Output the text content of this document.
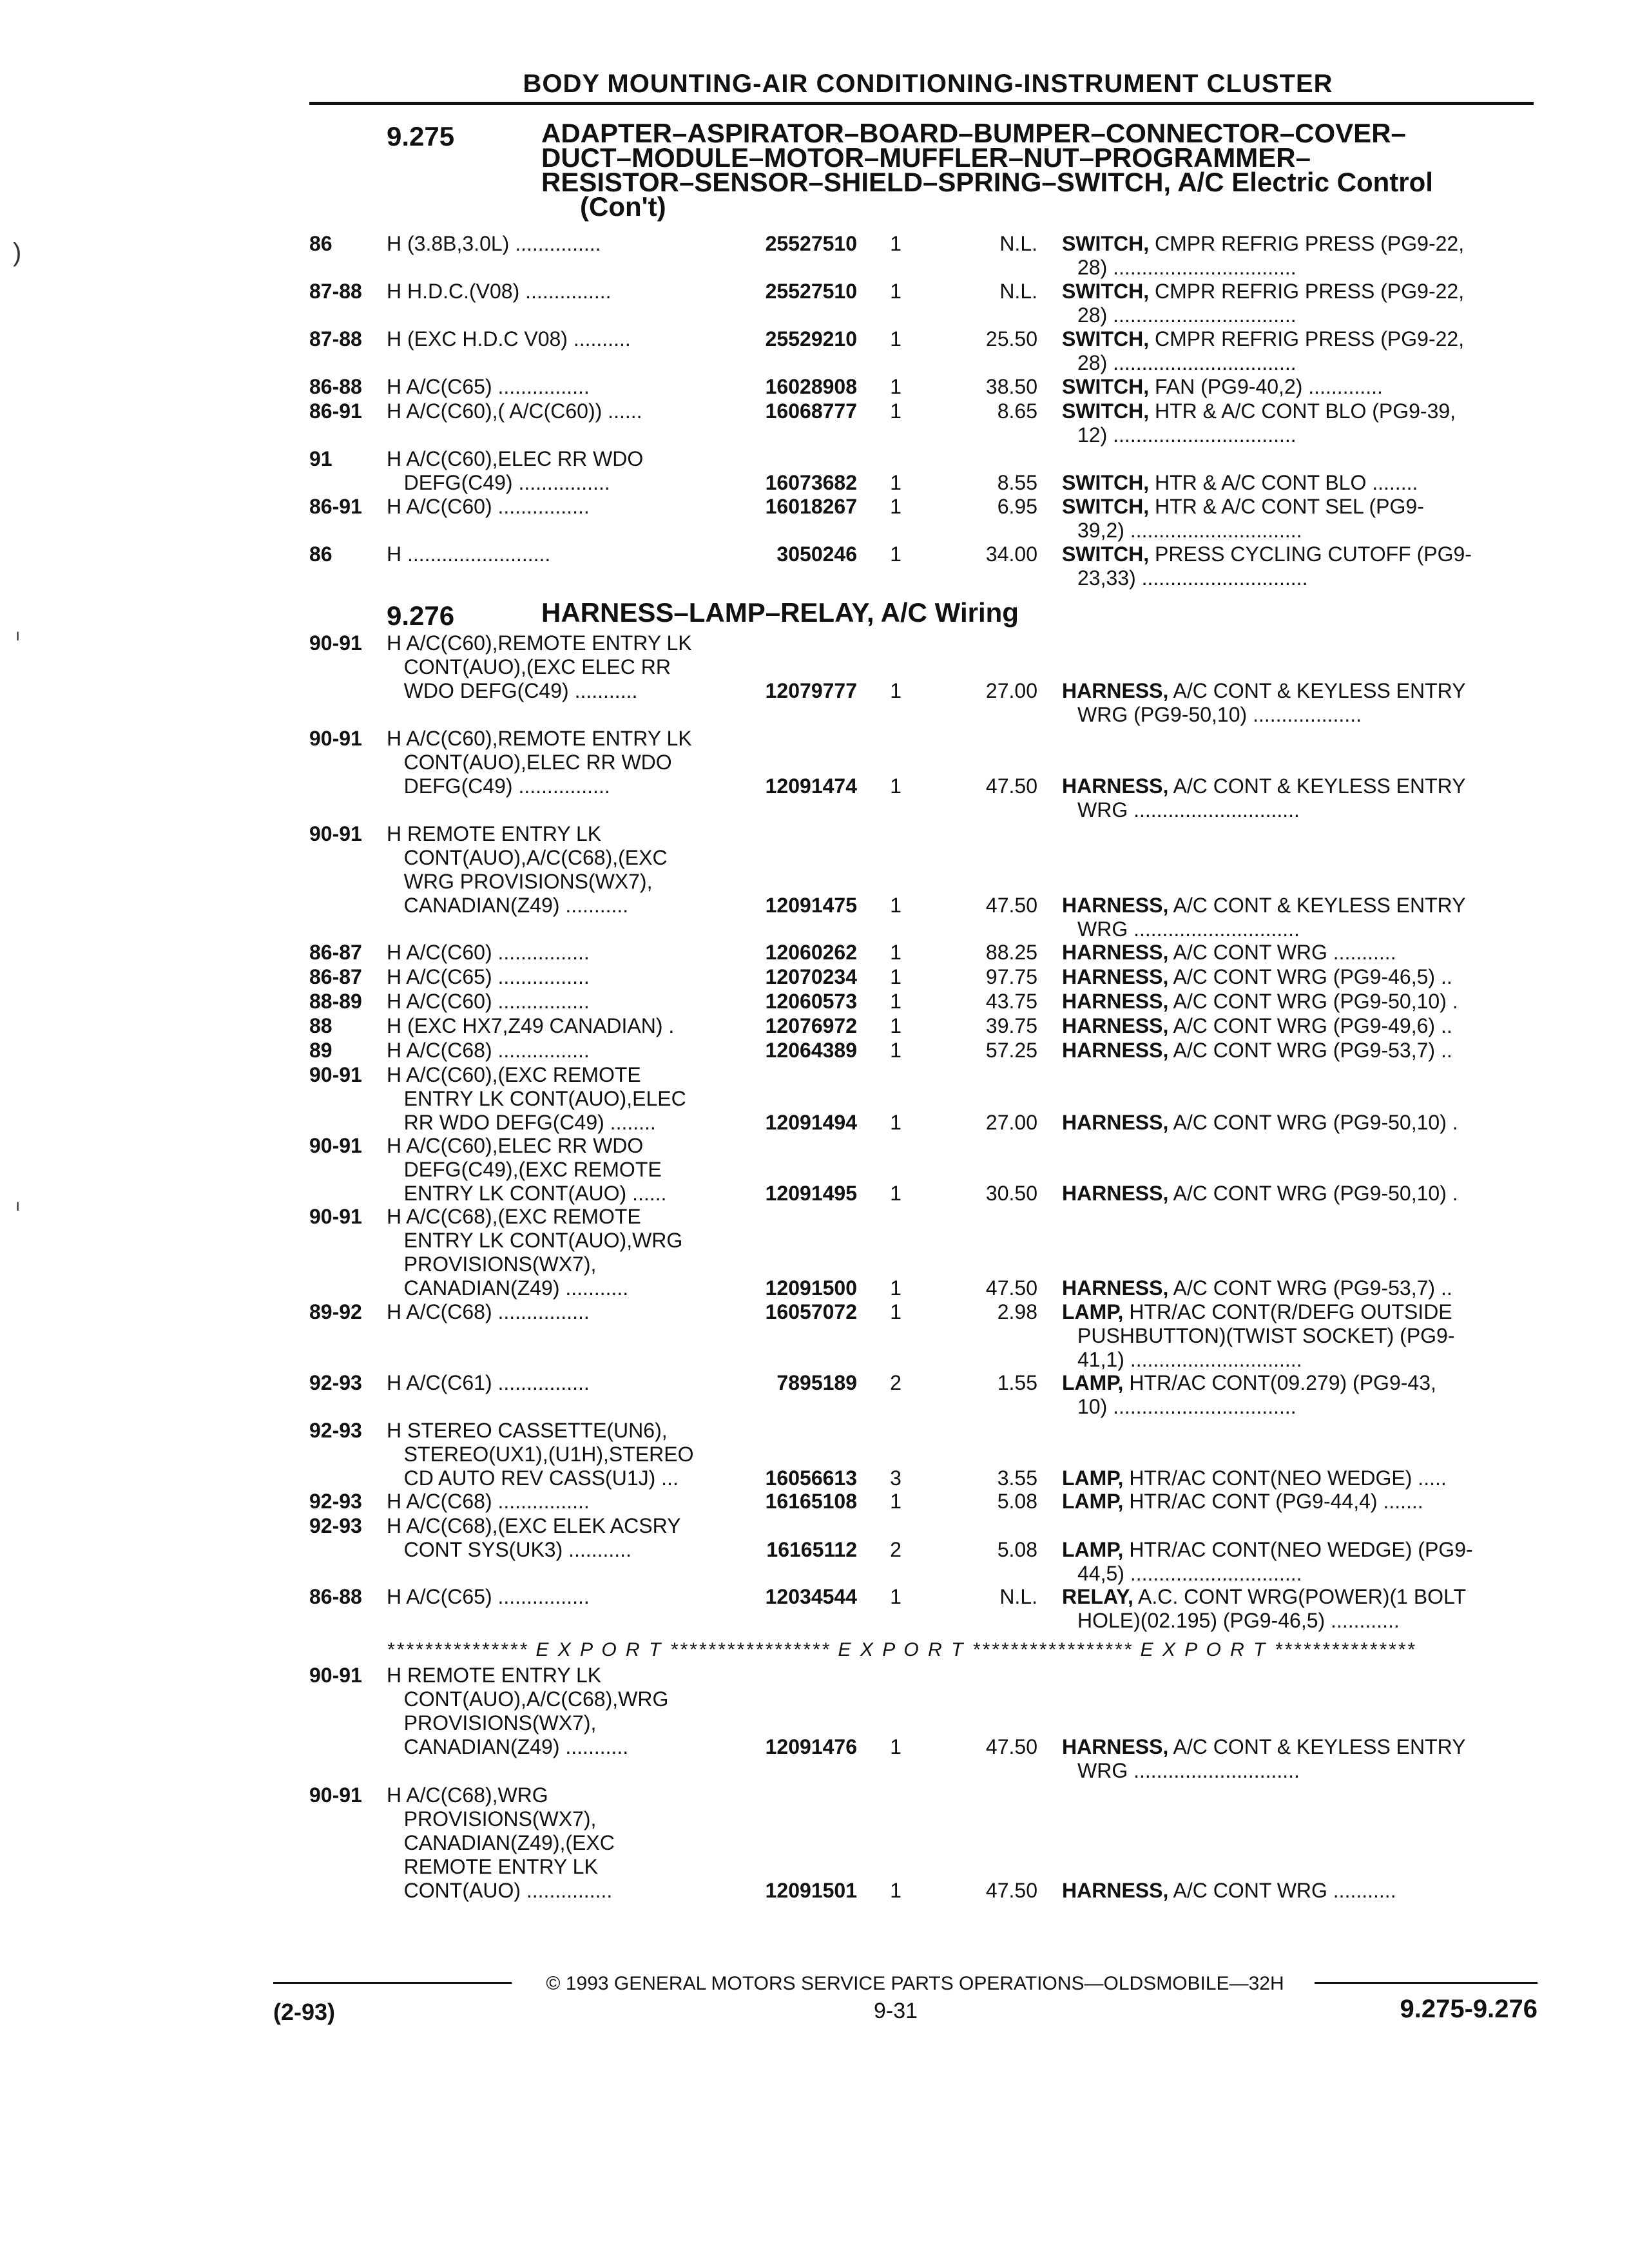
BODY MOUNTING-AIR CONDITIONING-INSTRUMENT CLUSTER
)
ı
ı
9.275	ADAPTER–ASPIRATOR–BOARD–BUMPER–CONNECTOR–COVER–
DUCT–MODULE–MOTOR–MUFFLER–NUT–PROGRAMMER–
RESISTOR–SENSOR–SHIELD–SPRING–SWITCH, A/C Electric Control
(Con't)
86	H (3.8B,3.0L) ...............	25527510	1	N.L. SWITCH, CMPR REFRIG PRESS (PG9-22,
28) ................................
87-88 H H.D.C.(V08) ...............	25527510	1	N.L. SWITCH, CMPR REFRIG PRESS (PG9-22,
28) ................................
87-88 H (EXC H.D.C V08) ..........	25529210	1	25.50 SWITCH, CMPR REFRIG PRESS (PG9-22,
28) ................................
86-88 H A/C(C65) ................	16028908	1	38.50 SWITCH, FAN (PG9-40,2) .............
86-91 H A/C(C60),( A/C(C60)) ......	16068777	1	8.65 SWITCH, HTR & A/C CONT BLO (PG9-39,
12) ................................
91	H A/C(C60),ELEC RR WDO
DEFG(C49) ................	16073682	1	8.55 SWITCH, HTR & A/C CONT BLO ........
86-91 H A/C(C60) ................	16018267	1	6.95 SWITCH, HTR & A/C CONT SEL (PG9-
39,2) ..............................
86	H .........................	3050246	1	34.00 SWITCH, PRESS CYCLING CUTOFF (PG9-
23,33) .............................
9.276	HARNESS–LAMP–RELAY, A/C Wiring
90-91 H A/C(C60),REMOTE ENTRY LK
CONT(AUO),(EXC ELEC RR
WDO DEFG(C49) ...........	12079777	1	27.00 HARNESS, A/C CONT & KEYLESS ENTRY
WRG (PG9-50,10) ...................
90-91 H A/C(C60),REMOTE ENTRY LK
CONT(AUO),ELEC RR WDO
DEFG(C49) ................	12091474	1	47.50 HARNESS, A/C CONT & KEYLESS ENTRY
WRG .............................
90-91 H REMOTE ENTRY LK
CONT(AUO),A/C(C68),(EXC
WRG PROVISIONS(WX7),
CANADIAN(Z49) ...........	12091475	1	47.50 HARNESS, A/C CONT & KEYLESS ENTRY
WRG .............................
86-87 H A/C(C60) ................	12060262	1	88.25 HARNESS, A/C CONT WRG ...........
86-87 H A/C(C65) ................	12070234	1	97.75 HARNESS, A/C CONT WRG (PG9-46,5) ..
88-89 H A/C(C60) ................	12060573	1	43.75 HARNESS, A/C CONT WRG (PG9-50,10) .
88	H (EXC HX7,Z49 CANADIAN) .	12076972	1	39.75 HARNESS, A/C CONT WRG (PG9-49,6) ..
89	H A/C(C68) ................	12064389	1	57.25 HARNESS, A/C CONT WRG (PG9-53,7) ..
90-91 H A/C(C60),(EXC REMOTE
ENTRY LK CONT(AUO),ELEC
RR WDO DEFG(C49) ........	12091494	1	27.00 HARNESS, A/C CONT WRG (PG9-50,10) .
90-91 H A/C(C60),ELEC RR WDO
DEFG(C49),(EXC REMOTE
ENTRY LK CONT(AUO) ......	12091495	1	30.50 HARNESS, A/C CONT WRG (PG9-50,10) .
90-91 H A/C(C68),(EXC REMOTE
ENTRY LK CONT(AUO),WRG
PROVISIONS(WX7),
CANADIAN(Z49) ...........	12091500	1	47.50 HARNESS, A/C CONT WRG (PG9-53,7) ..
89-92 H A/C(C68) ................	16057072	1	2.98 LAMP, HTR/AC CONT(R/DEFG OUTSIDE
PUSHBUTTON)(TWIST SOCKET) (PG9-
41,1) ..............................
92-93 H A/C(C61) ................	7895189	2	1.55 LAMP, HTR/AC CONT(09.279) (PG9-43,
10) ................................
92-93 H STEREO CASSETTE(UN6),
STEREO(UX1),(U1H),STEREO
CD AUTO REV CASS(U1J) ...	16056613	3	3.55 LAMP, HTR/AC CONT(NEO WEDGE) .....
92-93 H A/C(C68) ................	16165108	1	5.08 LAMP, HTR/AC CONT (PG9-44,4) .......
92-93 H A/C(C68),(EXC ELEK ACSRY
CONT SYS(UK3) ...........	16165112	2	5.08 LAMP, HTR/AC CONT(NEO WEDGE) (PG9-
44,5) ..............................
86-88 H A/C(C65) ................	12034544	1	N.L. RELAY, A.C. CONT WRG(POWER)(1 BOLT
HOLE)(02.195) (PG9-46,5) ............
*************** E X P O R T ***************** E X P O R T ***************** E X P O R T ***************
90-91 H REMOTE ENTRY LK
CONT(AUO),A/C(C68),WRG
PROVISIONS(WX7),
CANADIAN(Z49) ...........	12091476	1	47.50 HARNESS, A/C CONT & KEYLESS ENTRY
WRG .............................
90-91 H A/C(C68),WRG
PROVISIONS(WX7),
CANADIAN(Z49),(EXC
REMOTE ENTRY LK
CONT(AUO) ...............	12091501	1	47.50 HARNESS, A/C CONT WRG ...........
© 1993 GENERAL MOTORS SERVICE PARTS OPERATIONS—OLDSMOBILE—32H
(2-93)	9-31	9.275-9.276
